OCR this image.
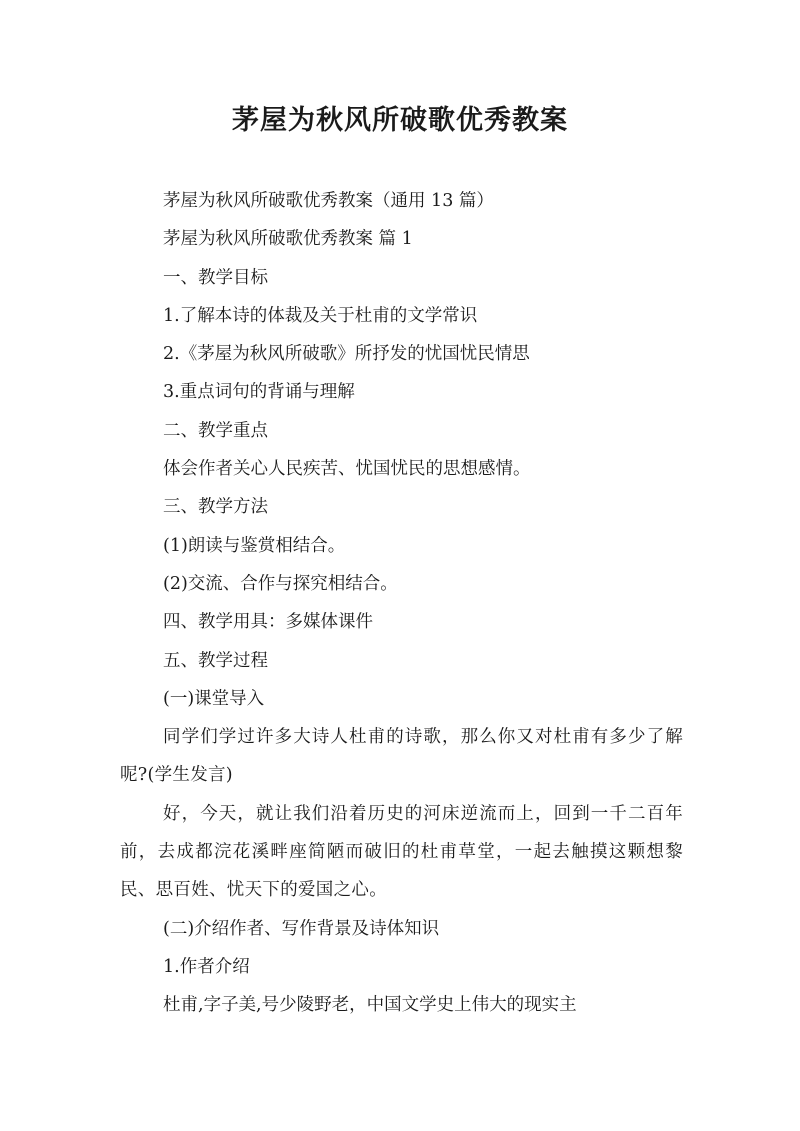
茅屋为秋风所破歌优秀教案

茅屋为秋风所破歌优秀教案（通用 13 篇）

茅屋为秋风所破歌优秀教案 篇 1

一、教学目标

1.了解本诗的体裁及关于杜甫的文学常识

2.《茅屋为秋风所破歌》所抒发的忧国忧民情思

3.重点词句的背诵与理解

二、教学重点

体会作者关心人民疾苦、忧国忧民的思想感情。

三、教学方法

(1)朗读与鉴赏相结合。

(2)交流、合作与探究相结合。

四、教学用具：多媒体课件

五、教学过程

(一)课堂导入

同学们学过许多大诗人杜甫的诗歌，那么你又对杜甫有多少了解呢?(学生发言)

好，今天，就让我们沿着历史的河床逆流而上，回到一千二百年前，去成都浣花溪畔座简陋而破旧的杜甫草堂，一起去触摸这颗想黎民、思百姓、忧天下的爱国之心。

(二)介绍作者、写作背景及诗体知识

1.作者介绍

杜甫,字子美,号少陵野老，中国文学史上伟大的现实主
